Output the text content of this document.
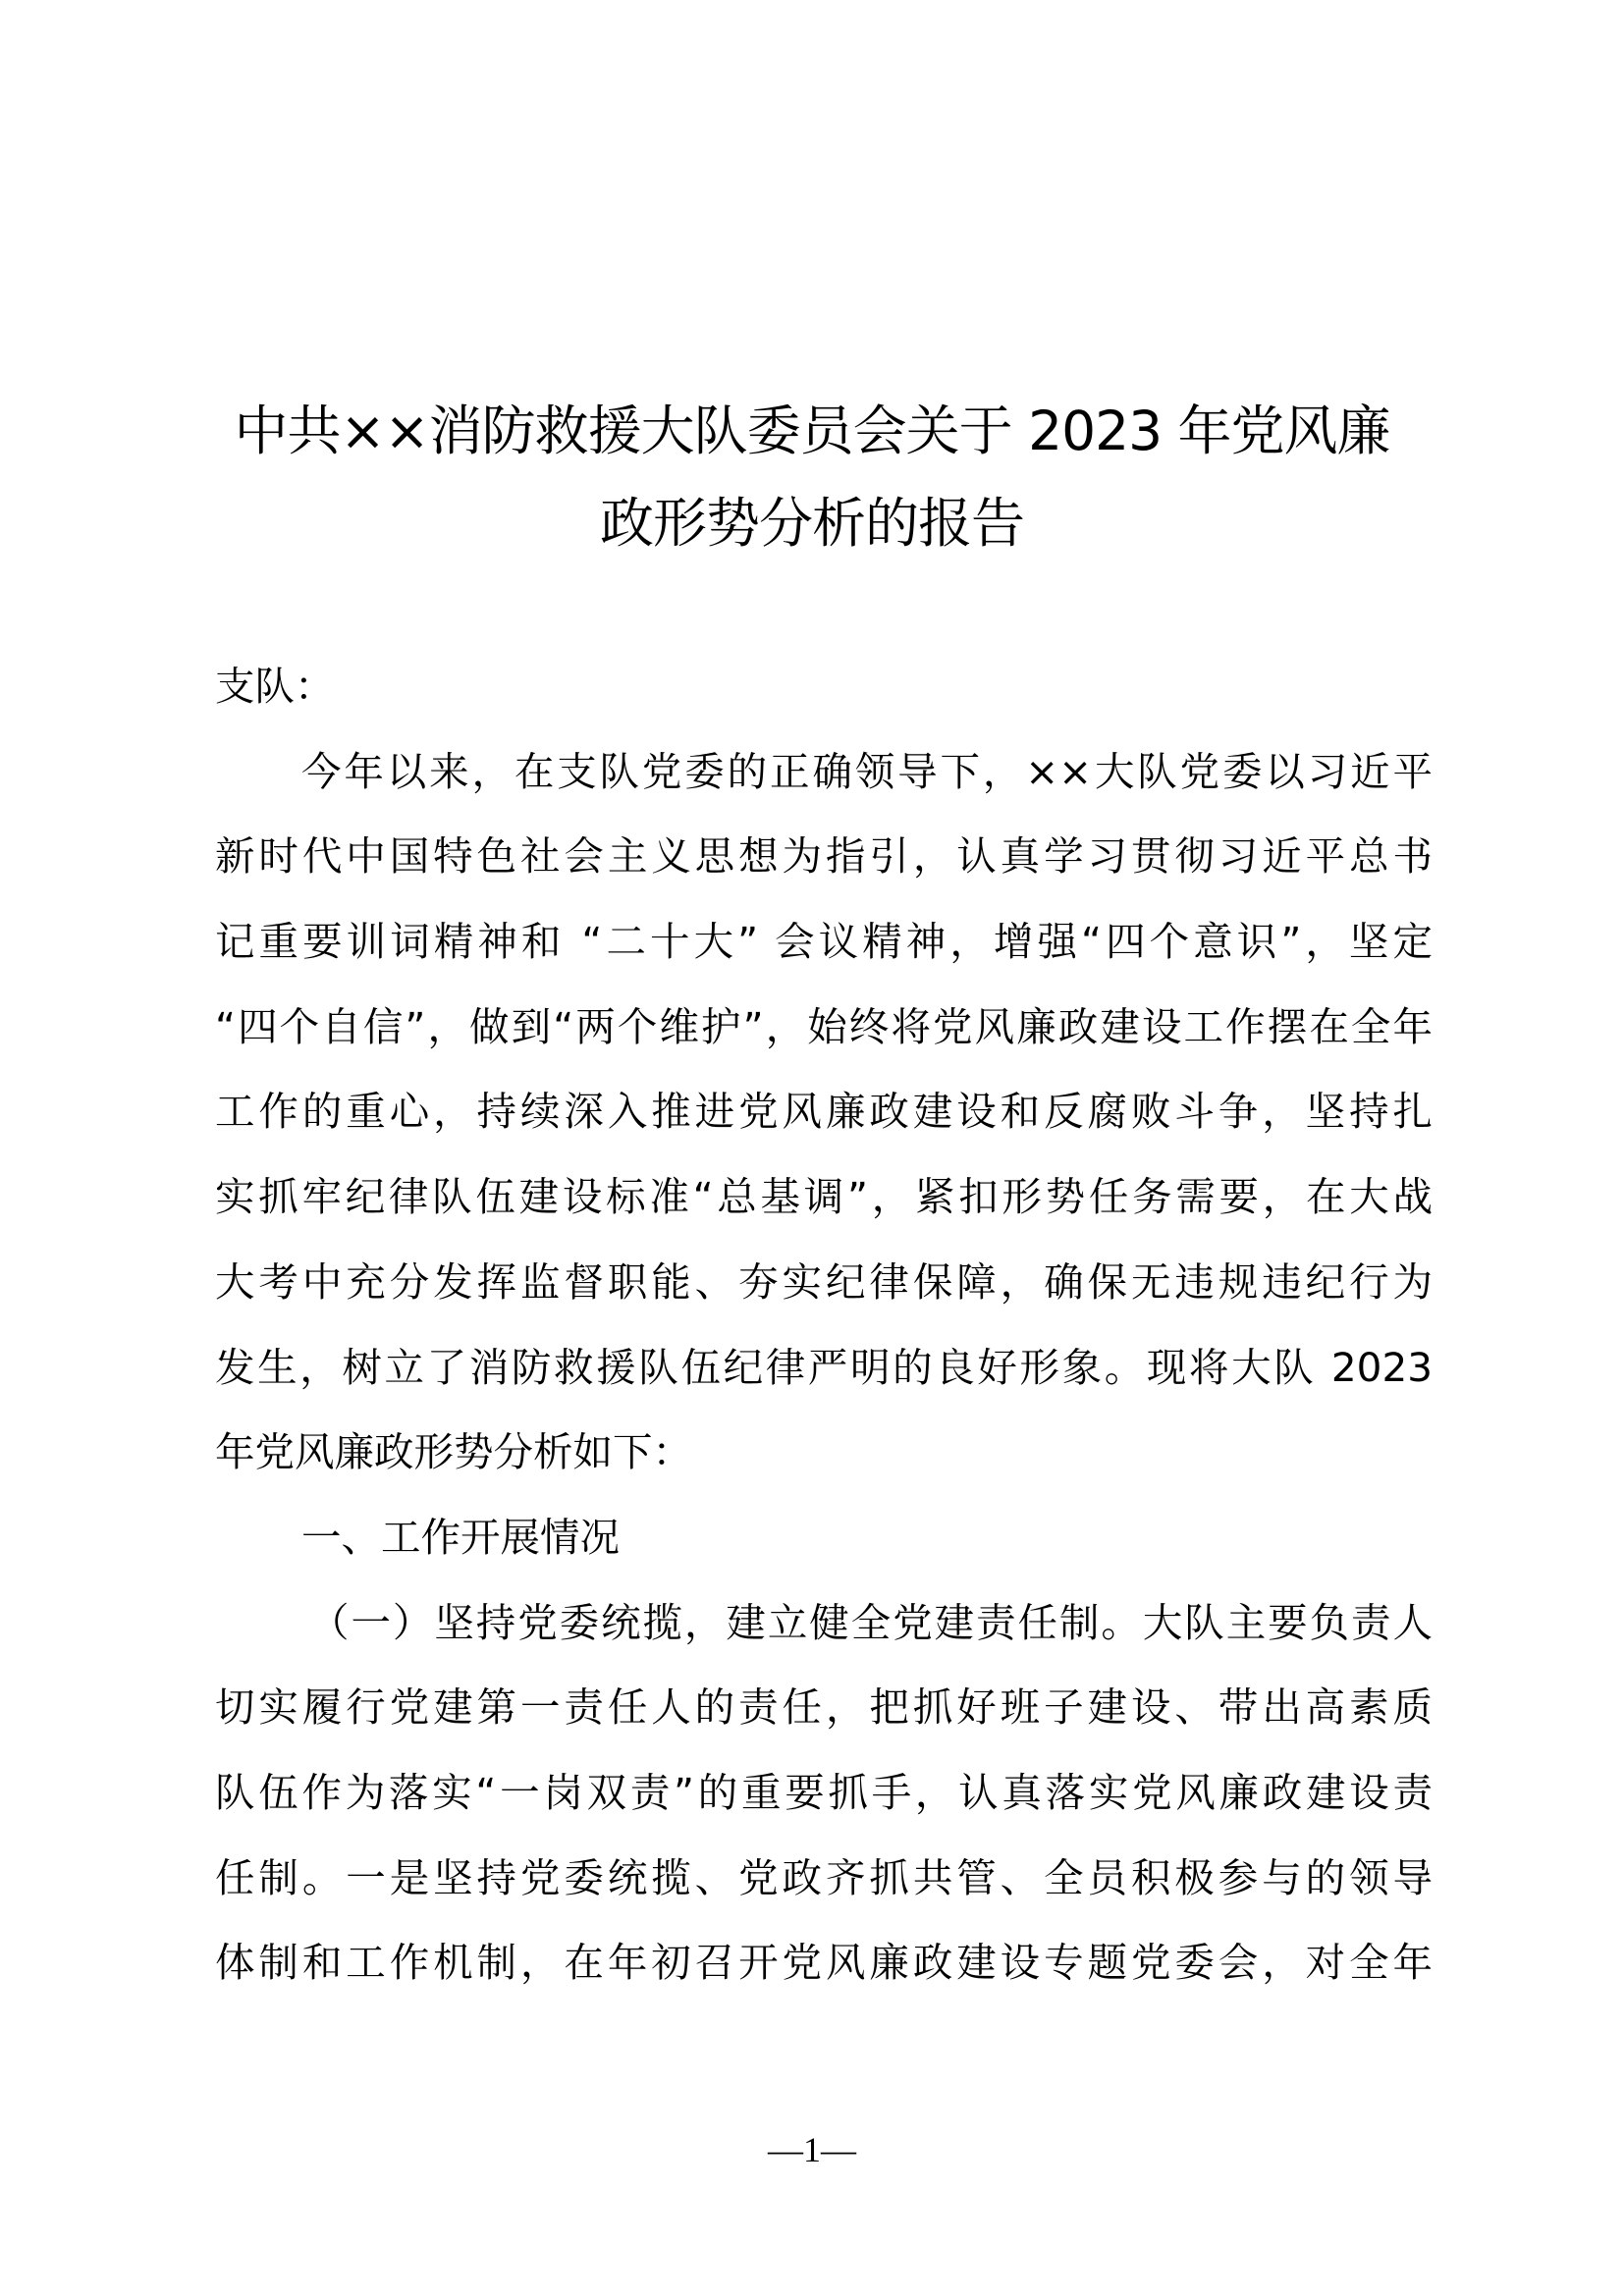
中共××消防救援大队委员会关于 2023 年党风廉
政形势分析的报告
支队：
今年以来，在支队党委的正确领导下，××大队党委以习近平
新时代中国特色社会主义思想为指引，认真学习贯彻习近平总书
记重要训词精神和 “二十大” 会议精神，增强“四个意识”，坚定
“四个自信”，做到“两个维护”，始终将党风廉政建设工作摆在全年
工作的重心，持续深入推进党风廉政建设和反腐败斗争，坚持扎
实抓牢纪律队伍建设标准“总基调”，紧扣形势任务需要，在大战
大考中充分发挥监督职能、夯实纪律保障，确保无违规违纪行为
发生，树立了消防救援队伍纪律严明的良好形象。现将大队 2023
年党风廉政形势分析如下：
一、工作开展情况
（一）坚持党委统揽，建立健全党建责任制。大队主要负责人
切实履行党建第一责任人的责任，把抓好班子建设、带出高素质
队伍作为落实“一岗双责”的重要抓手，认真落实党风廉政建设责
任制。一是坚持党委统揽、党政齐抓共管、全员积极参与的领导
体制和工作机制，在年初召开党风廉政建设专题党委会，对全年
—1—
